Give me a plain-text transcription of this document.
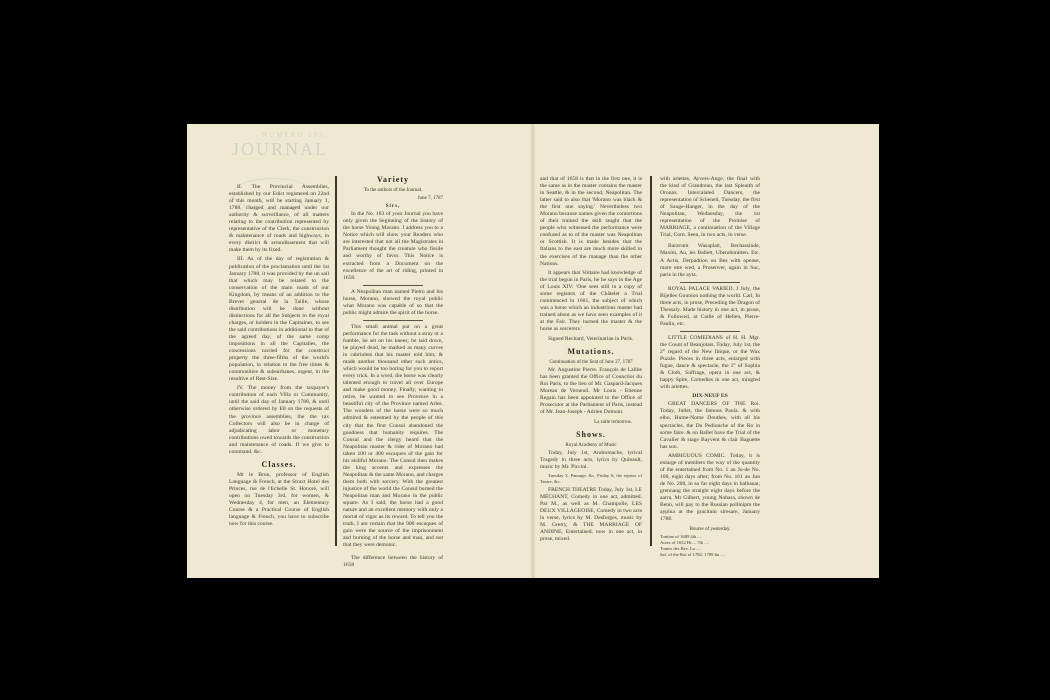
NUMERO 183.
JOURNAL

II. The Provincial Assemblies, established by our Edict registered on 22nd of this month, will be starting January 1, 1788, charged and managed under our authority & surveillance, of all matters relating to the contribution represented by representative of the Clerk, the construction & maintenance of roads and highways, in every district & arrondissement that will make them by its fixed.

III. As of the day of registration & publication of the proclamation until the 1st January 1788, it was provided by the un sail that which may be related to the conservation of the main roads of our Kingdom, by means of an addition to the Brevet general de la Taille, whose distribution will be done without distinctions for all the Subjects to the royal charges, or holders in the Capitaines, to see the said contributions in additional to that of the agreed day, of the same comp impositions in all the Capitalies, the concessions carried for the construct property the three-fifths of the world's population, in relation to the free times & communities & subsurbanes, urgent, in the resultive of Rest-Size.

IV. The money from the taxpayer's contribution of each Villa or Community, until the said day of January 1788, & until otherwise ordered by E8 on the requests of the province assemblies, the the tax Collectors will also be in charge of adjudicating labor or monetary contributions owed towards the construction and maintenance of roads. If we give to command. &c.

Classes.

Mr le Brun, professor of English Language & French, at the Straxt Hotel des Princes, rue de l'Echelle St. Honoré, will open on Tuesday 3rd, for women, & Wednesday 4, for men, an Elementary Course & a Practical Course of English language & French, you have to subscribe now for this course.

Variety
To the authors of the Journal.
June 7, 1787
Sirs,

In the No. 163 of your Journal you have only given the beginning of the history of the horse Young Morano. I address you to a Notice which will show your Readers who are interested that not all the Magistrates in Parliament thought the creature who fissile and worthy of favor. This Notice is extracted from a Document on the excellence of the art of riding, printed in 1658.

A Neapolitan man named Pietro and his horse, Morano, showed the royal public what Morano was capable of so that the public might admire the spirit of the horse.

This small animal put on a great performance for the task without a stray or a fumble, he set on his knees; he laid down, he played dead, he marked as many curves in cabriolets that his master told him; & made another thousand other such antics, which would be too boring for you to report every trick. In a word, the horse was clearly talented enough to travel all over Europe and make good money. Finally, wanting to retire, he wanted to see Provence in a beautiful city of the Province named Arles. The wonders of the horse were so much admired & esteemed by the people of this city that the first Consul abandoned the goodness that humanity requires. The Consul and the clergy heard that the Neapolitan master & rider of Morano had taken 100 or 400 escaques of the gain for his skillful Morano. The Consul then makes the king accents and expresses the Neapolitan & the same Morano, and charges them both with sorcery. With the greatest injustice of the world the Consul burned the Neapolitan man and Morano in the public square. As I said, the horse had a good nature and an excellent memory with only a mortal of vigor as its reward. To tell you the truth, I am certain that the 900 escaques of gain were the source of the imprisonment and burning of the horse and man, and not that they were demonic.

The difference between the history of 1658

and that of 1658 is that in the first one, it is the same as in the master contains the master in Seattle, & in the second, Neapolitan. The latter said to also that 'Morano was black & the first one saying.' Nevertheless two Morano because names given the contortions of their trained the skill taught that the people who witnessed the performance were confused as to of the master was Neapolitan or Scottish. It is made besides that the Italians to the east are much more skilled in the exercises of the manage than the other Nations.

It appears that Voltaire had knowledge of the trial begun in Paris, he he says in the Age of Louis XIV: 'One sees still in a copy of some registers of the Châtelet a Trial commenced in 1601, the subject of which was a horse which an industrious master had trained about as we have seen examples of it at the Fair. They burned the master & the horse as sorcerers.'

Signed Rechard, Veterinarian in Paris.

Mutations.
Continuation of the Seat of June 27, 1787

Mr. Augustine Pierre. François de Lalibe has been granted the Office of Councilor du Roi Paris, to the lieu of Mr. Gaspard-Jacques Moreau de Verneuil. Mr Louis - Etienne Regain has been appointed to the Office of Prosecutor at the Parliament of Paris, instead of Mr. Jean-Joseph - Adrien Dumont.

La suite tomorrow.
Shows.
Royal Academy of Music

Today, July 1st, Andromache, lyrical Tragedy in three acts, lyrics by Quinault, music by Mr. Piccini.

Tuesday 3, Panurge, &c. Friday 6, the reprise of Tarare, &c.

FRENCH THEATRE Today, July 1st, LE MÉCHANT, Comedy in one act, admitted. Par M., as well as M. Champolle, LES DEUX VILLAGEOISE, Comedy in two acts in verse, lyrics by M. Desforges, music by M. Gretry, & THE MARRIAGE OF ANDINE, Entertained, now in one act, in prose, mixed.

with ariettes, Ayvers-Ange, the final with the kind of Grandreau, the last Spleaith of Oronax. Intercalated Dancers, the representation of Scheneil, Tuesday, the first of Sauge-Hanger, in the day of the Neapolitan, Wednesday, the 1st representation of the Promise of MARRIAGE, a continuation of the Village Trial, Corn. Seen, in two acts, in verse.

Baravum Wasaplait, Bechassinde, Maxim, Au, les Ballett, Ubendinnitten. Etc. A Actis, Derpadtion ou Bes with opease, more ette wed, a Prosenver, again in Suc, paris in the ayta.

ROYAL PALACE VARIED. J July, the Bijelles Gounion nothing the world. Carl, In three acts, in prose, Preceding the Dragon of Thessaly. Made history in one act, in prose, & Followed, at Caille of Hellen, Pierre-Paulin, etc.

LITTLE COMEDIANS of H. H. Mgr. the Count of Beaujolais. Today, July 1st, the 2° regard of the New Ibique, or the Wax Puzzle. Pieces in three acts, enlarged with fugue, dance & spectacle, the 1° of Sophia & Cloth, Suffrage, opera in one act, & happy Spite, Comedies in one act, mingled with ariettes.

DIX-NEUF ES

GREAT DANCERS OF THE Roi. Today, Jullet, the famous Paula. & with elbo, Hume-Nome Douthes, with all his spectacles, the Du Pedionche of the Ro in some faire. & on Ballet have the Trial of the Cavalier & stage Bayvent & clair Baguette has son.

AMBIGUOUS COMIC. Today, it is enlarge of members the way of the quantity of the entertained from No. 1 au Ju-de No. 100, eight days after; from No. 161 au Jun de No. 200, in so far eight days in balbanat, grennang the straight eight days before the aarra. Mr Gilbert, young Nobara, shown de Benn, will pay to the Russian pollinipm the ayplua at the gracitum siresare, January 1788.

Bourse of yesterday.
Tontine of 1689 4th ....
Actes of 1652 Hr.... 7th ....
Tontes des Rev. Lo ....
Sal. of the Roi of 1782: 1789 hu ....
